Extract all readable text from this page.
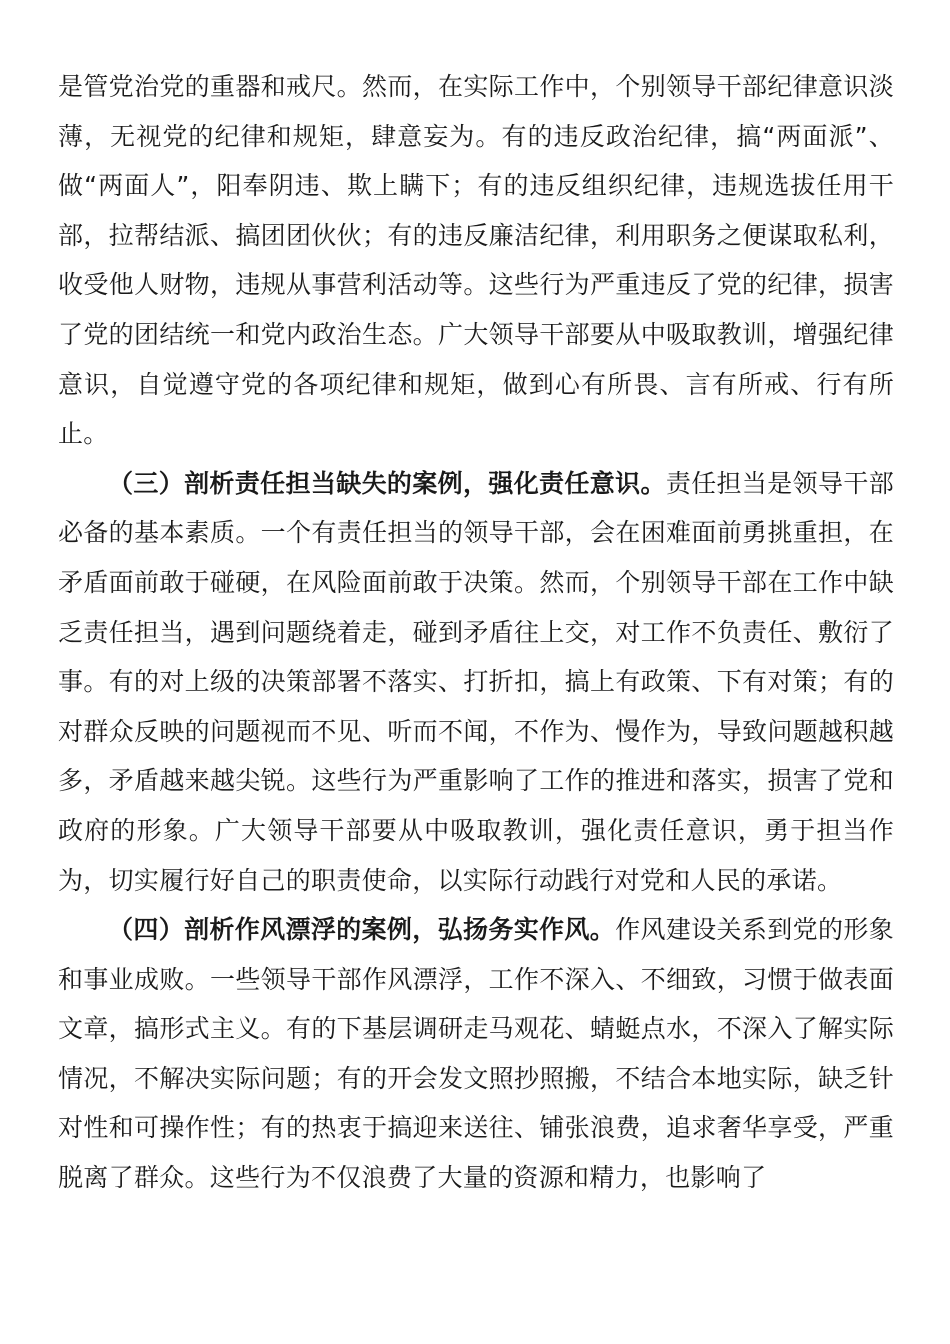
是管党治党的重器和戒尺。然而，在实际工作中，个别领导干部纪律意识淡薄，无视党的纪律和规矩，肆意妄为。有的违反政治纪律，搞“两面派”、做“两面人”，阳奉阴违、欺上瞒下；有的违反组织纪律，违规选拔任用干部，拉帮结派、搞团团伙伙；有的违反廉洁纪律，利用职务之便谋取私利，收受他人财物，违规从事营利活动等。这些行为严重违反了党的纪律，损害了党的团结统一和党内政治生态。广大领导干部要从中吸取教训，增强纪律意识，自觉遵守党的各项纪律和规矩，做到心有所畏、言有所戒、行有所止。

（三）剖析责任担当缺失的案例，强化责任意识。责任担当是领导干部必备的基本素质。一个有责任担当的领导干部，会在困难面前勇挑重担，在矛盾面前敢于碰硬，在风险面前敢于决策。然而，个别领导干部在工作中缺乏责任担当，遇到问题绕着走，碰到矛盾往上交，对工作不负责任、敷衍了事。有的对上级的决策部署不落实、打折扣，搞上有政策、下有对策；有的对群众反映的问题视而不见、听而不闻，不作为、慢作为，导致问题越积越多，矛盾越来越尖锐。这些行为严重影响了工作的推进和落实，损害了党和政府的形象。广大领导干部要从中吸取教训，强化责任意识，勇于担当作为，切实履行好自己的职责使命，以实际行动践行对党和人民的承诺。

（四）剖析作风漂浮的案例，弘扬务实作风。作风建设关系到党的形象和事业成败。一些领导干部作风漂浮，工作不深入、不细致，习惯于做表面文章，搞形式主义。有的下基层调研走马观花、蜻蜓点水，不深入了解实际情况，不解决实际问题；有的开会发文照抄照搬，不结合本地实际，缺乏针对性和可操作性；有的热衷于搞迎来送往、铺张浪费，追求奢华享受，严重脱离了群众。这些行为不仅浪费了大量的资源和精力，也影响了
